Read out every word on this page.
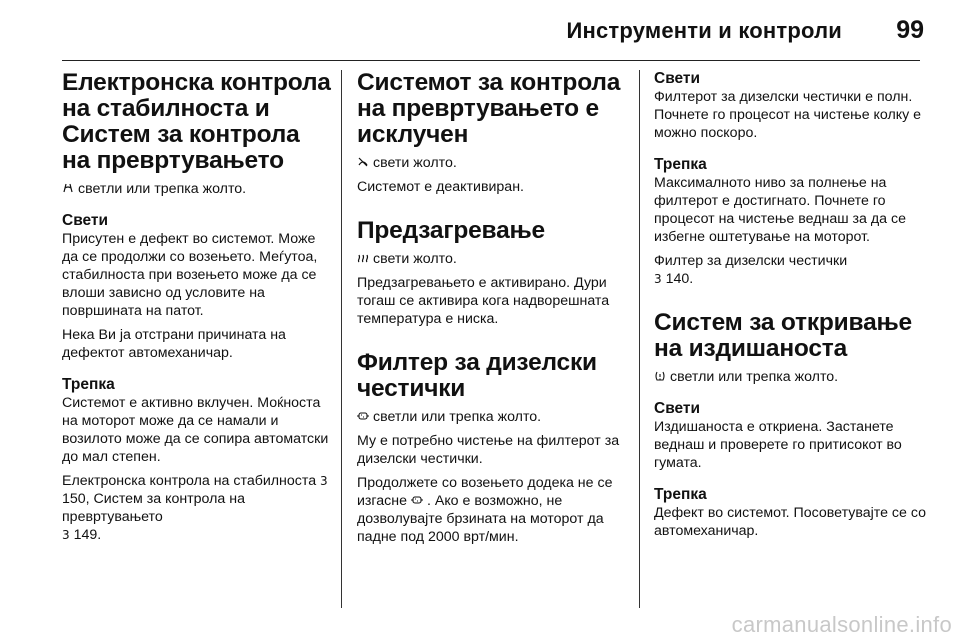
Инструменти и контроли 99
Електронска контрола на стабилноста и Систем за контрола на превртувањето

светли или трепка жолто.

Свети

Присутен е дефект во системот. Може да се продолжи со возењето. Меѓутоа, стабилноста при возењето може да се влоши зависно од условите на површината на патот.

Нека Ви ја отстрани причината на дефектот автомеханичар.

Трепка

Системот е активно вклучен. Моќноста на моторот може да се намали и возилото може да се сопира автоматски до мал степен.

Електронска контрола на стабилноста 3 150, Систем за контрола на превртувањето
3 149.

Системот за контрола на превртувањето е исклучен

свети жолто.

Системот е деактивиран.

Предзагревање

свети жолто.

Предзагревањето е активирано. Дури тогаш се активира кога надворешната температура е ниска.

Филтер за дизелски честички

светли или трепка жолто.

Му е потребно чистење на филтерот за дизелски честички.

Продолжете со возењето додека не се изгасне . Ако е возможно, не дозволувајте брзината на моторот да падне под 2000 врт/мин.

Свети

Филтерот за дизелски честички е полн. Почнете го процесот на чистење колку е можно поскоро.

Трепка

Максималното ниво за полнење на филтерот е достигнато. Почнете го процесот на чистење веднаш за да се избегне оштетување на моторот.

Филтер за дизелски честички
3 140.

Систем за откривање на издишаноста

светли или трепка жолто.

Свети

Издишаноста е откриена. Застанете веднаш и проверете го притисокот во гумата.

Трепка

Дефект во системот. Посоветувајте се со автомеханичар.

carmanualsonline.info
